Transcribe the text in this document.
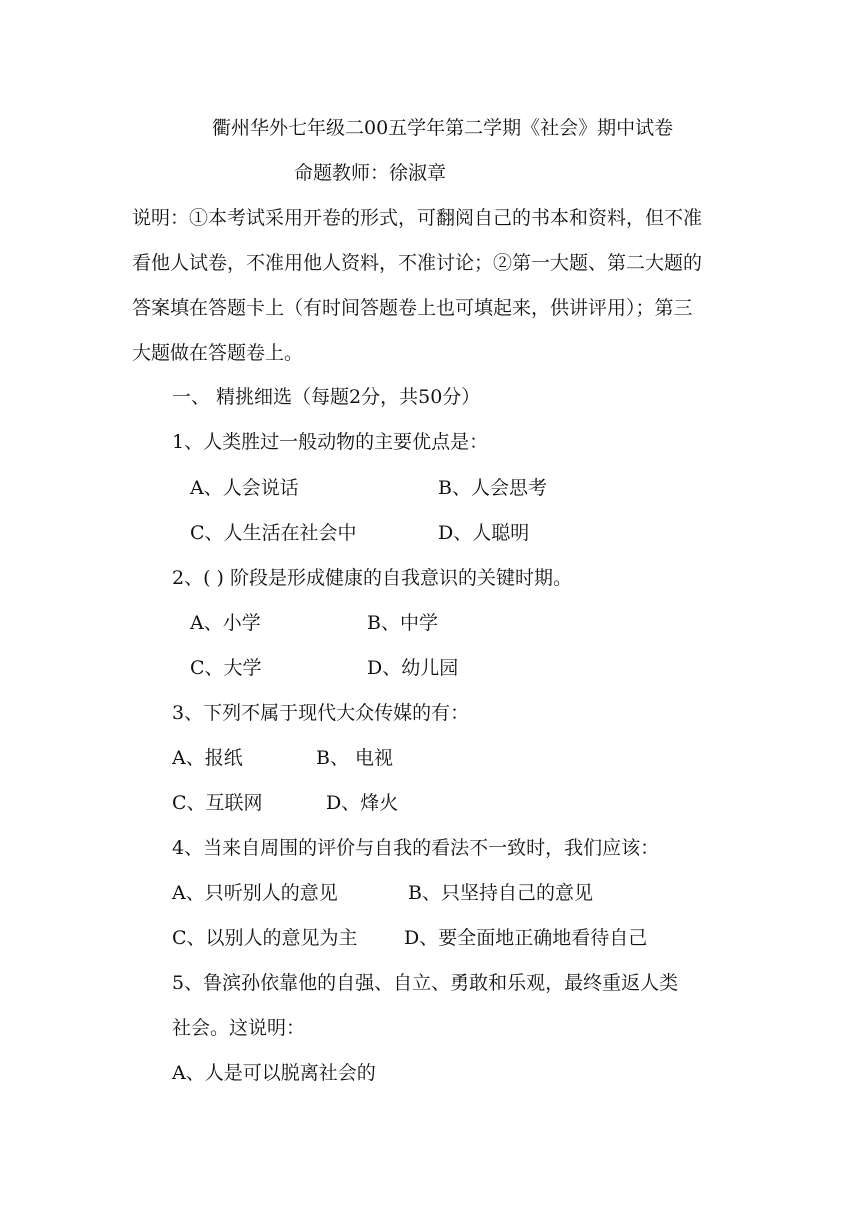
衢州华外七年级二00五学年第二学期《社会》期中试卷
命题教师：徐淑章
说明：①本考试采用开卷的形式，可翻阅自己的书本和资料，但不准
看他人试卷，不准用他人资料，不准讨论；②第一大题、第二大题的
答案填在答题卡上（有时间答题卷上也可填起来，供讲评用）；第三
大题做在答题卷上。
一、 精挑细选（每题2分，共50分）
1、人类胜过一般动物的主要优点是：
A、人会说话	B、人会思考
C、人生活在社会中	D、人聪明
2、( ) 阶段是形成健康的自我意识的关键时期。
A、小学	B、中学
C、大学	D、幼儿园
3、下列不属于现代大众传媒的有：
A、报纸	B、 电视
C、互联网	D、烽火
4、当来自周围的评价与自我的看法不一致时，我们应该：
A、只听别人的意见	B、只坚持自己的意见
C、以别人的意见为主 D、要全面地正确地看待自己
5、鲁滨孙依靠他的自强、自立、勇敢和乐观，最终重返人类
社会。这说明：
A、人是可以脱离社会的
